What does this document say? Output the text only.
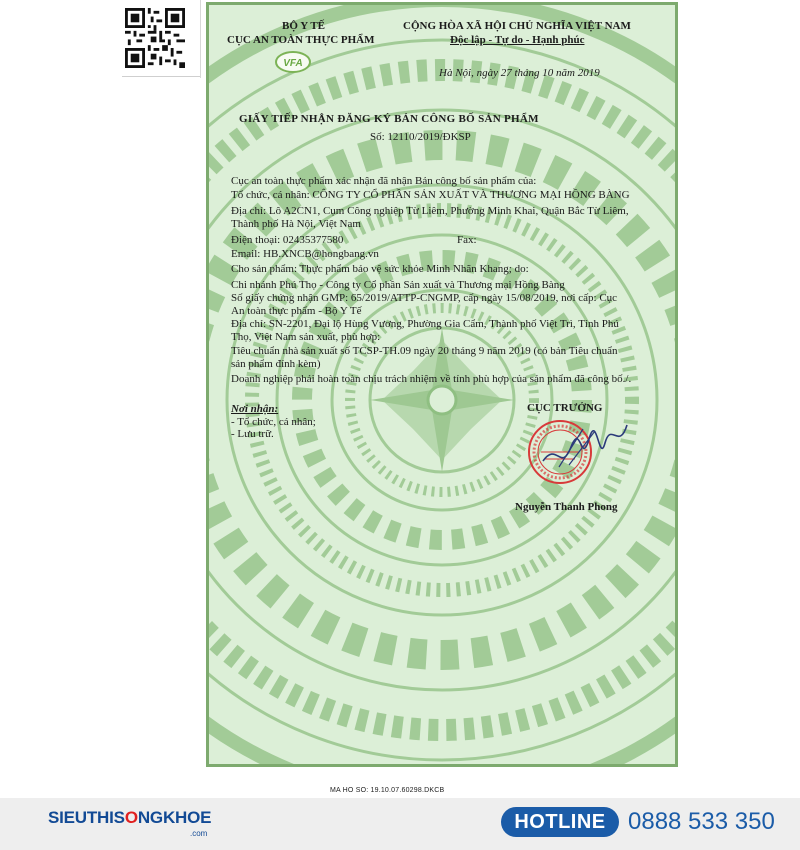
BỘ Y TẾ
CỤC AN TOÀN THỰC PHẨM
VFA
CỘNG HÒA XÃ HỘI CHỦ NGHĨA VIỆT NAM
Độc lập - Tự do - Hạnh phúc
Hà Nội, ngày 27 tháng 10 năm 2019
GIẤY TIẾP NHẬN ĐĂNG KÝ BẢN CÔNG BỐ SẢN PHẨM
Số: 12110/2019/ĐKSP
Cục an toàn thực phẩm xác nhận đã nhận Bản công bố sản phẩm của:
Tổ chức, cá nhân: CÔNG TY CỔ PHẦN SẢN XUẤT VÀ THƯƠNG MẠI HỒNG BÀNG
Địa chỉ: Lô A2CN1, Cụm Công nghiệp Từ Liêm, Phường Minh Khai, Quận Bắc Từ Liêm,
Thành phố Hà Nội, Việt Nam
Điện thoại: 02435377580	Fax:
Email: HB.XNCB@hongbang.vn
Cho sản phẩm: Thực phẩm bảo vệ sức khỏe Minh Nhãn Khang; do:
Chi nhánh Phú Thọ - Công ty Cổ phần Sản xuất và Thương mại Hồng Bàng
Số giấy chứng nhận GMP: 65/2019/ATTP-CNGMP, cấp ngày 15/08/2019, nơi cấp: Cục
An toàn thực phẩm - Bộ Y Tế
Địa chỉ: SN-2201, Đại lộ Hùng Vương, Phường Gia Cẩm, Thành phố Việt Trì, Tỉnh Phú
Thọ, Việt Nam sản xuất, phù hợp:
Tiêu chuẩn nhà sản xuất số TCSP-TH.09 ngày 20 tháng 9 năm 2019 (có bản Tiêu chuẩn
sản phẩm đính kèm)
Doanh nghiệp phải hoàn toàn chịu trách nhiệm về tính phù hợp của sản phẩm đã công bố./.
Nơi nhận:
- Tổ chức, cá nhân;
- Lưu trữ.
CỤC TRƯỞNG
Nguyễn Thanh Phong
MA HO SO: 19.10.07.60298.DKCB
SIEUTHISONGKHOE
.com
HOTLINE 0888 533 350
